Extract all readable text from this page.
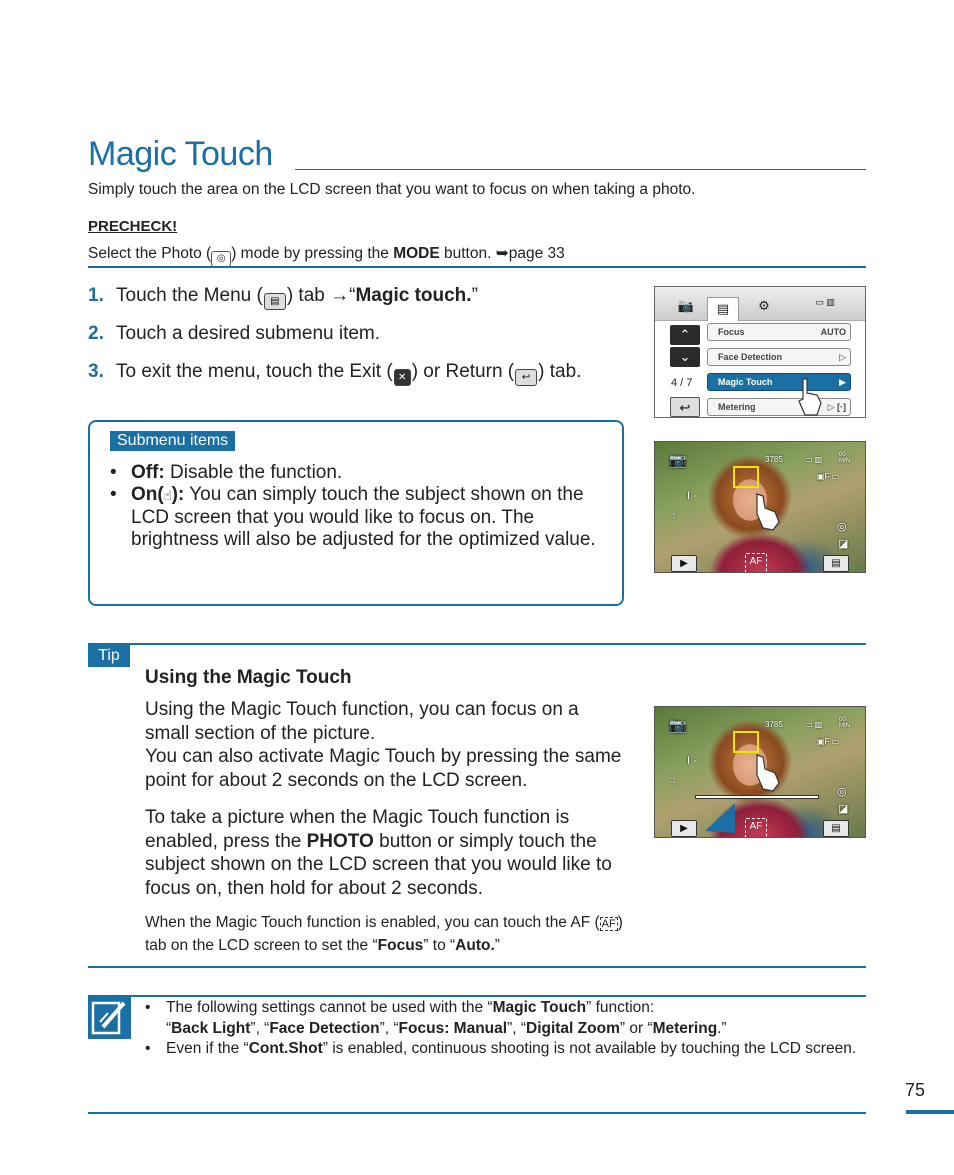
Magic Touch

Simply touch the area on the LCD screen that you want to focus on when taking a photo.

PRECHECK!

Select the Photo ( ◎ ) mode by pressing the MODE button. ➥page 33

1. Touch the Menu ( ▤ ) tab →“Magic touch.”
2. Touch a desired submenu item.
3. To exit the menu, touch the Exit ( ✕ ) or Return ( ↩ ) tab.
Submenu items
• Off: Disable the function.
• On(☝): You can simply touch the subject shown on the LCD screen that you would like to focus on. The brightness will also be adjusted for the optimized value.
📷	▤	⚙	▭ ▥
⌃
⌄
4 / 7
↩
Focus	AUTO
Face Detection	▷
Magic Touch	▶
Metering	▷ [·]
📷	3785	▭ ▥	00 MIN
▣F ▭
I ·
☝
◎
◪
▶	AF	▤
Tip
Using the Magic Touch

Using the Magic Touch function, you can focus on a small section of the picture.
You can also activate Magic Touch by pressing the same point for about 2 seconds on the LCD screen.

To take a picture when the Magic Touch function is enabled, press the PHOTO button or simply touch the subject shown on the LCD screen that you would like to focus on, then hold for about 2 seconds.

When the Magic Touch function is enabled, you can touch the AF ( AF ) tab on the LCD screen to set the “Focus” to “Auto.”

📷	3785	▭ ▥	00 MIN
▣F ▭
I ·
☝
◎
◪
▶	AF	▤
•	The following settings cannot be used with the “Magic Touch” function:
“Back Light”, “Face Detection”, “Focus: Manual”, “Digital Zoom” or “Metering.”
•	Even if the “Cont.Shot” is enabled, continuous shooting is not available by touching the LCD screen.
75
